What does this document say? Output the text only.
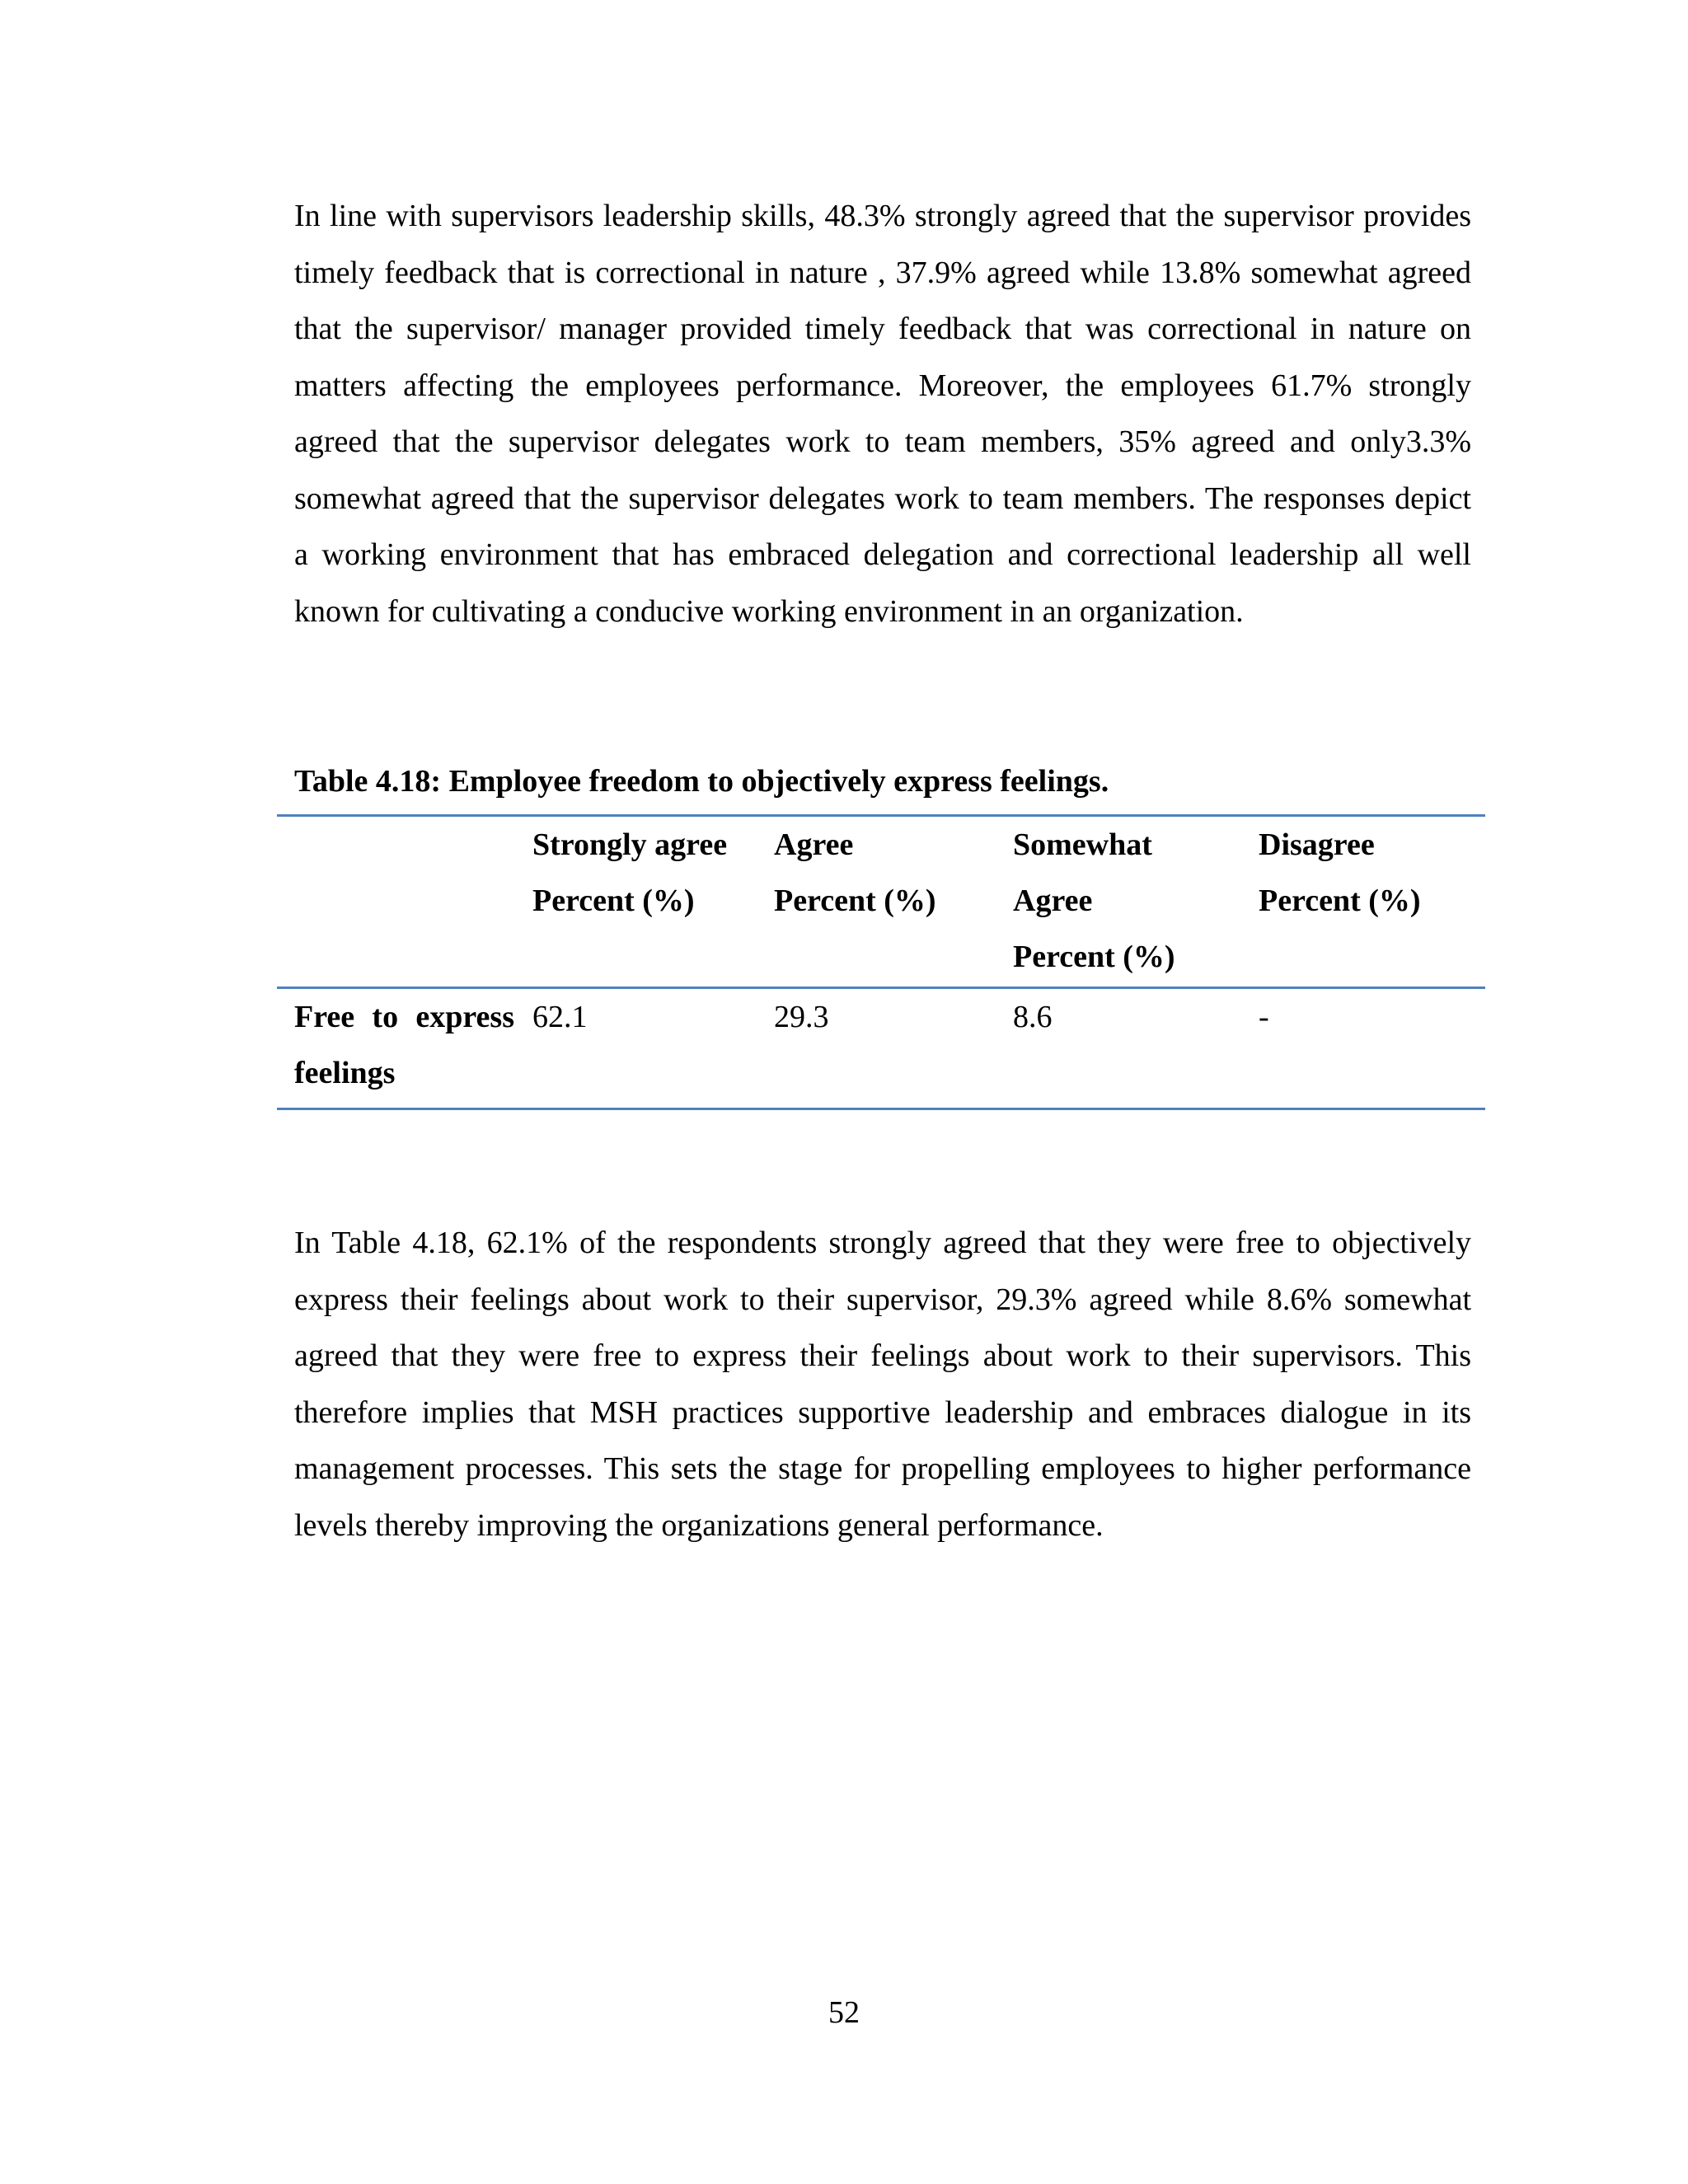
In line with supervisors leadership skills, 48.3% strongly agreed that the supervisor provides timely feedback that is correctional in nature , 37.9% agreed while 13.8% somewhat agreed that the supervisor/ manager provided timely feedback that was correctional in nature on matters affecting the employees performance. Moreover, the employees 61.7% strongly agreed that the supervisor delegates work to team members, 35% agreed and only3.3% somewhat agreed that the supervisor delegates work to team members. The responses depict a working environment that has embraced delegation and correctional leadership all well known for cultivating a conducive working environment in an organization.

Table 4.18: Employee freedom to objectively express feelings.

	Strongly agree
Percent (%)	Agree
Percent (%)	Somewhat
Agree
Percent (%)	Disagree
Percent (%)

Free to express feelings	62.1	29.3	8.6	-

In Table 4.18, 62.1% of the respondents strongly agreed that they were free to objectively express their feelings about work to their supervisor, 29.3% agreed while 8.6% somewhat agreed that they were free to express their feelings about work to their supervisors. This therefore implies that MSH practices supportive leadership and embraces dialogue in its management processes. This sets the stage for propelling employees to higher performance levels thereby improving the organizations general performance.

52
